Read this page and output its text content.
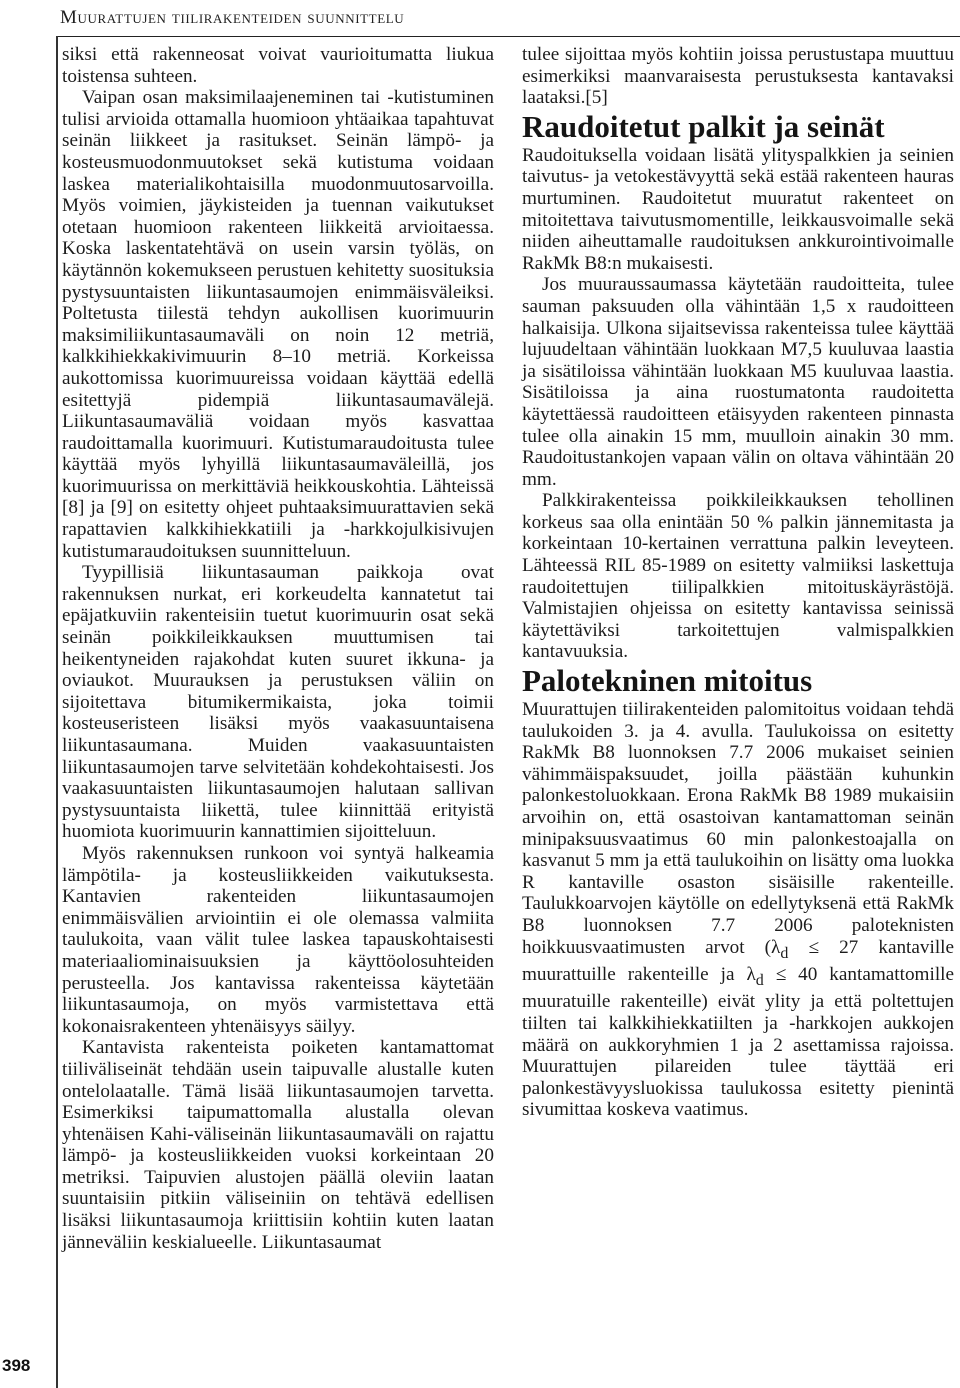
Muurattujen tiilirakenteiden suunnittelu
398

siksi että rakenneosat voivat vaurioitumatta liukua toistensa suhteen.

Vaipan osan maksimilaajeneminen tai -kutistuminen tulisi arvioida ottamalla huomioon yhtäaikaa tapahtuvat seinän liikkeet ja rasitukset. Seinän lämpö- ja kosteusmuodonmuutokset sekä kutistuma voidaan laskea materialikohtaisilla muodonmuutosarvoilla. Myös voimien, jäykisteiden ja tuennan vaikutukset otetaan huomioon rakenteen liikkeitä arvioitaessa. Koska laskentatehtävä on usein varsin työläs, on käytännön kokemukseen perustuen kehitetty suosituksia pystysuuntaisten liikuntasaumojen enimmäisväleiksi. Poltetusta tiilestä tehdyn aukollisen kuorimuurin maksimiliikuntasaumaväli on noin 12 metriä, kalkkihiekkakivimuurin 8–10 metriä. Korkeissa aukottomissa kuorimuureissa voidaan käyttää edellä esitettyjä pidempiä liikuntasaumavälejä. Liikuntasaumaväliä voidaan myös kasvattaa raudoittamalla kuorimuuri. Kutistumaraudoitusta tulee käyttää myös lyhyillä liikuntasaumaväleillä, jos kuorimuurissa on merkittäviä heikkouskohtia. Lähteissä [8] ja [9] on esitetty ohjeet puhtaaksimuurattavien sekä rapattavien kalkkihiekkatiili ja -harkkojulkisivujen kutistumaraudoituksen suunnitteluun.

Tyypillisiä liikuntasauman paikkoja ovat rakennuksen nurkat, eri korkeudelta kannatetut tai epäjatkuviin rakenteisiin tuetut kuorimuurin osat sekä seinän poikkileikkauksen muuttumisen tai heikentyneiden rajakohdat kuten suuret ikkuna- ja oviaukot. Muurauksen ja perustuksen väliin on sijoitettava bitumikermikaista, joka toimii kosteuseristeen lisäksi myös vaakasuuntaisena liikuntasaumana. Muiden vaakasuuntaisten liikuntasaumojen tarve selvitetään kohdekohtaisesti. Jos vaakasuuntaisten liikuntasaumojen halutaan sallivan pystysuuntaista liikettä, tulee kiinnittää erityistä huomiota kuorimuurin kannattimien sijoitteluun.

Myös rakennuksen runkoon voi syntyä halkeamia lämpötila- ja kosteusliikkeiden vaikutuksesta. Kantavien rakenteiden liikuntasaumojen enimmäisvälien arviointiin ei ole olemassa valmiita taulukoita, vaan välit tulee laskea tapauskohtaisesti materiaaliominaisuuksien ja käyttöolosuhteiden perusteella. Jos kantavissa rakenteissa käytetään liikuntasaumoja, on myös varmistettava että kokonaisrakenteen yhtenäisyys säilyy.

Kantavista rakenteista poiketen kantamattomat tiiliväliseinät tehdään usein taipuvalle alustalle kuten ontelolaatalle. Tämä lisää liikuntasaumojen tarvetta. Esimerkiksi taipumattomalla alustalla olevan yhtenäisen Kahi-väliseinän liikuntasaumaväli on rajattu lämpö- ja kosteusliikkeiden vuoksi korkeintaan 20 metriksi. Taipuvien alustojen päällä oleviin laatan suuntaisiin pitkiin väliseiniin on tehtävä edellisen lisäksi liikuntasaumoja kriittisiin kohtiin kuten laatan jänneväliin keskialueelle. Liikuntasaumat

tulee sijoittaa myös kohtiin joissa perustustapa muuttuu esimerkiksi maanvaraisesta perustuksesta kantavaksi laataksi.[5]

Raudoitetut palkit ja seinät

Raudoituksella voidaan lisätä ylityspalkkien ja seinien taivutus- ja vetokestävyyttä sekä estää rakenteen hauras murtuminen. Raudoitetut muuratut rakenteet on mitoitettava taivutusmomentille, leikkausvoimalle sekä niiden aiheuttamalle raudoituksen ankkurointivoimalle RakMk B8:n mukaisesti.

Jos muuraussaumassa käytetään raudoitteita, tulee sauman paksuuden olla vähintään 1,5 x raudoitteen halkaisija. Ulkona sijaitsevissa rakenteissa tulee käyttää lujuudeltaan vähintään luokkaan M7,5 kuuluvaa laastia ja sisätiloissa vähintään luokkaan M5 kuuluvaa laastia. Sisätiloissa ja aina ruostumatonta raudoitetta käytettäessä raudoitteen etäisyyden rakenteen pinnasta tulee olla ainakin 15 mm, muulloin ainakin 30 mm. Raudoitustankojen vapaan välin on oltava vähintään 20 mm.

Palkkirakenteissa poikkileikkauksen tehollinen korkeus saa olla enintään 50 % palkin jännemitasta ja korkeintaan 10-kertainen verrattuna palkin leveyteen. Lähteessä RIL 85-1989 on esitetty valmiiksi laskettuja raudoitettujen tiilipalkkien mitoituskäyrästöjä. Valmistajien ohjeissa on esitetty kantavissa seinissä käytettäviksi tarkoitettujen valmispalkkien kantavuuksia.

Palotekninen mitoitus

Muurattujen tiilirakenteiden palomitoitus voidaan tehdä taulukoiden 3. ja 4. avulla. Taulukoissa on esitetty RakMk B8 luonnoksen 7.7 2006 mukaiset seinien vähimmäispaksuudet, joilla päästään kuhunkin palonkestoluokkaan. Erona RakMk B8 1989 mukaisiin arvoihin on, että osastoivan kantamattoman seinän minipaksuusvaatimus 60 min palonkestoajalla on kasvanut 5 mm ja että taulukoihin on lisätty oma luokka R kantaville osaston sisäisille rakenteille. Taulukkoarvojen käytölle on edellytyksenä että RakMk B8 luonnoksen 7.7 2006 paloteknisten hoikkuusvaatimusten arvot ($\lambda_d \le 27$ kantaville muurattuille rakenteille ja $\lambda_d \le 40$ kantamattomille muuratuille rakenteille) eivät ylity ja että poltettujen tiilten tai kalkkihiekkatiilten ja -harkkojen aukkojen määrä on aukkoryhmien 1 ja 2 asettamissa rajoissa. Muurattujen pilareiden tulee täyttää eri palonkestävyysluokissa taulukossa esitetty pienintä sivumittaa koskeva vaatimus.
